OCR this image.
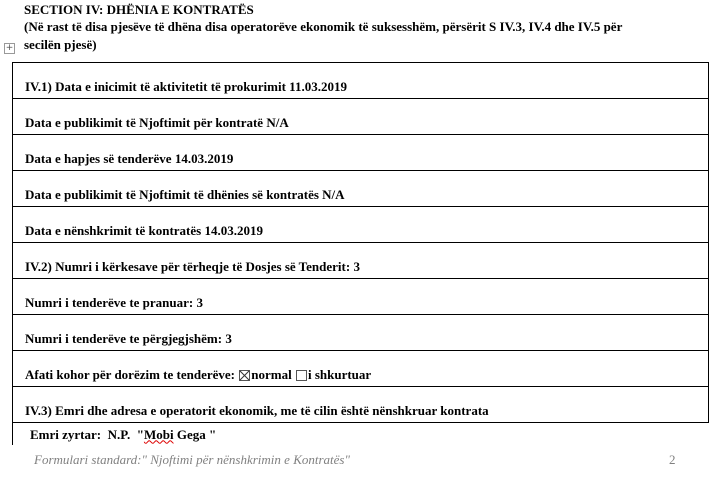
SECTION IV: DHËNIA E KONTRATËS
(Në rast të disa pjesëve të dhëna disa operatorëve ekonomik të suksesshëm, përsërit S IV.3, IV.4 dhe IV.5 për
secilën pjesë)
+
IV.1) Data e inicimit të aktivitetit të prokurimit 11.03.2019
Data e publikimit të Njoftimit për kontratë N/A
Data e hapjes së tenderëve 14.03.2019
Data e publikimit të Njoftimit të dhënies së kontratës N/A
Data e nënshkrimit të kontratës 14.03.2019
IV.2) Numri i kërkesave për tërheqje të Dosjes së Tenderit: 3
Numri i tenderëve te pranuar: 3
Numri i tenderëve te përgjegjshëm: 3
Afati kohor për dorëzim te tenderëve: normal i shkurtuar
IV.3) Emri dhe adresa e operatorit ekonomik, me të cilin është nënshkruar kontrata
Emri zyrtar:  N.P.  "Mobi Gega "
Formulari standard:" Njoftimi për nënshkrimin e Kontratës"	2
